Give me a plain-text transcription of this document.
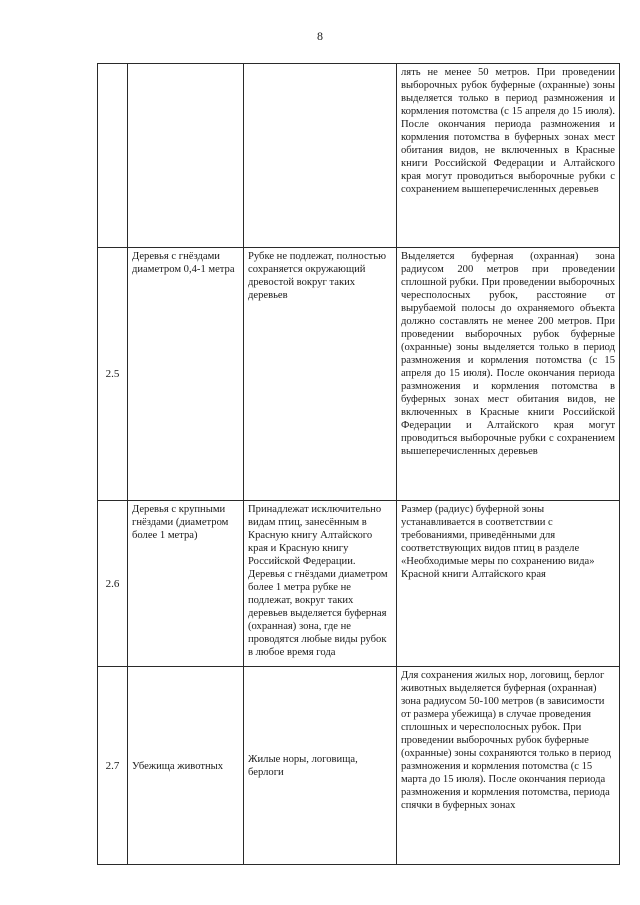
8
			лять не менее 50 метров. При проведении выборочных рубок буферные (охранные) зоны выделяется только в период размножения и кормления потомства (с 15 апреля до 15 июля). После окончания периода размножения и кормления потомства в буферных зонах мест обитания видов, не включенных в Красные книги Российской Федерации и Алтайского края могут проводиться выборочные рубки с сохранением вышеперечисленных деревьев
2.5	Деревья с гнёздами диаметром 0,4-1 метра	Рубке не подлежат, полностью сохраняется окружающий древостой вокруг таких деревьев	Выделяется буферная (охранная) зона радиусом 200 метров при проведении сплошной рубки. При проведении выборочных чересполосных рубок, расстояние от вырубаемой полосы до охраняемого объекта должно составлять не менее 200 метров. При проведении выборочных рубок буферные (охранные) зоны выделяется только в период размножения и кормления потомства (с 15 апреля до 15 июля). После окончания периода размножения и кормления потомства в буферных зонах мест обитания видов, не включенных в Красные книги Российской Федерации и Алтайского края могут проводиться выборочные рубки с сохранением вышеперечисленных деревьев
2.6	Деревья с крупными гнёздами (диаметром более 1 метра)	Принадлежат исключительно видам птиц, занесённым в Красную книгу Алтайского края и Красную книгу Российской Федерации. Деревья с гнёздами диаметром более 1 метра рубке не подлежат, вокруг таких деревьев выделяется буферная (охранная) зона, где не проводятся любые виды рубок в любое время года	Размер (радиус) буферной зоны устанавливается в соответствии с требованиями, приведёнными для соответствующих видов птиц в разделе «Необходимые меры по сохранению вида» Красной книги Алтайского края
2.7	Убежища животных	Жилые норы, логовища, берлоги	Для сохранения жилых нор, логовищ, берлог животных выделяется буферная (охранная) зона радиусом 50-100 метров (в зависимости от размера убежища) в случае проведения сплошных и чересполосных рубок. При проведении выборочных рубок буферные (охранные) зоны сохраняются только в период размножения и кормления потомства (с 15 марта до 15 июля). После окончания периода размножения и кормления потомства, периода спячки в буферных зонах
